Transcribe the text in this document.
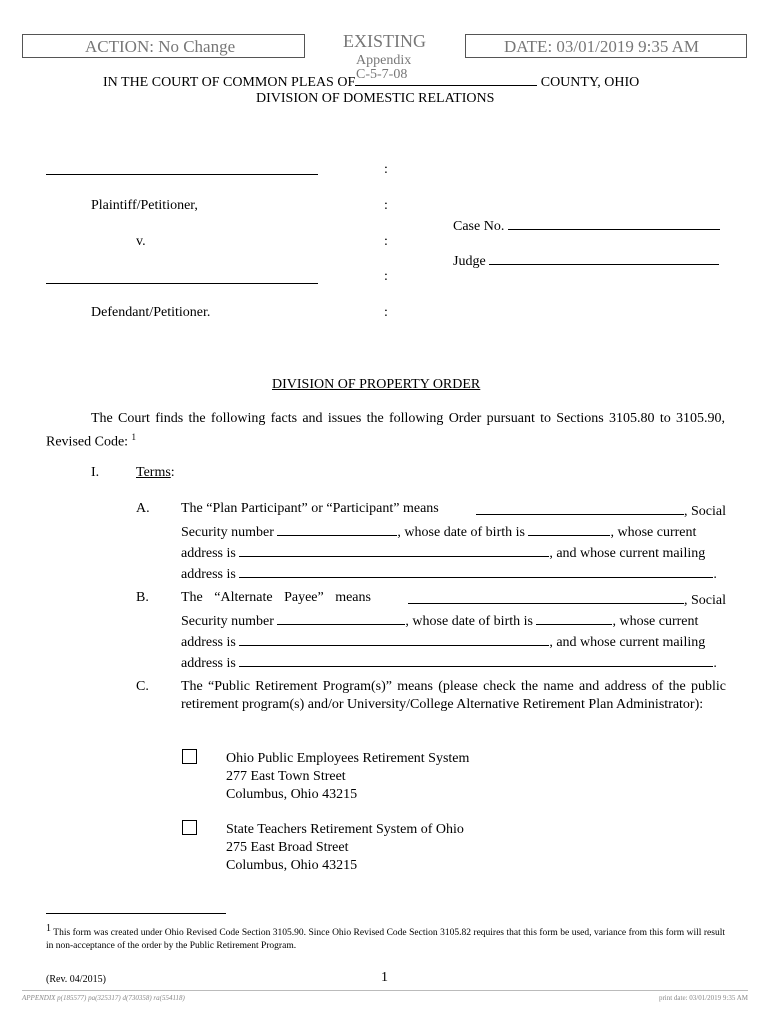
ACTION: No Change	EXISTING
Appendix
C-5-7-08
DATE: 03/01/2019 9:35 AM
IN THE COURT OF COMMON PLEAS OF	COUNTY, OHIO
DIVISION OF DOMESTIC RELATIONS
:
Plaintiff/Petitioner,	:
Case No.
v.	:
Judge
:
Defendant/Petitioner.	:
DIVISION OF PROPERTY ORDER
The Court finds the following facts and issues the following Order pursuant to Sections 3105.80 to 3105.90, Revised Code: $^1$
I.	Terms:
A. The “Plan Participant” or “Participant” means	, Social
Security number	, whose date of birth is	, whose current
address is	, and whose current mailing
address is	.
B. The “Alternate Payee” means	, Social
Security number	, whose date of birth is	, whose current
address is	, and whose current mailing
address is	.
C. The “Public Retirement Program(s)” means (please check the name and address of the public retirement program(s) and/or University/College Alternative Retirement Plan Administrator):
Ohio Public Employees Retirement System
277 East Town Street
Columbus, Ohio 43215
State Teachers Retirement System of Ohio
275 East Broad Street
Columbus, Ohio 43215
$^1$ This form was created under Ohio Revised Code Section 3105.90. Since Ohio Revised Code Section 3105.82 requires that this form be used, variance from this form will result in non-acceptance of the order by the Public Retirement Program.
(Rev. 04/2015)	1
APPENDIX p(185577) pa(325317) d(730358) ra(554118)	print date: 03/01/2019 9:35 AM
